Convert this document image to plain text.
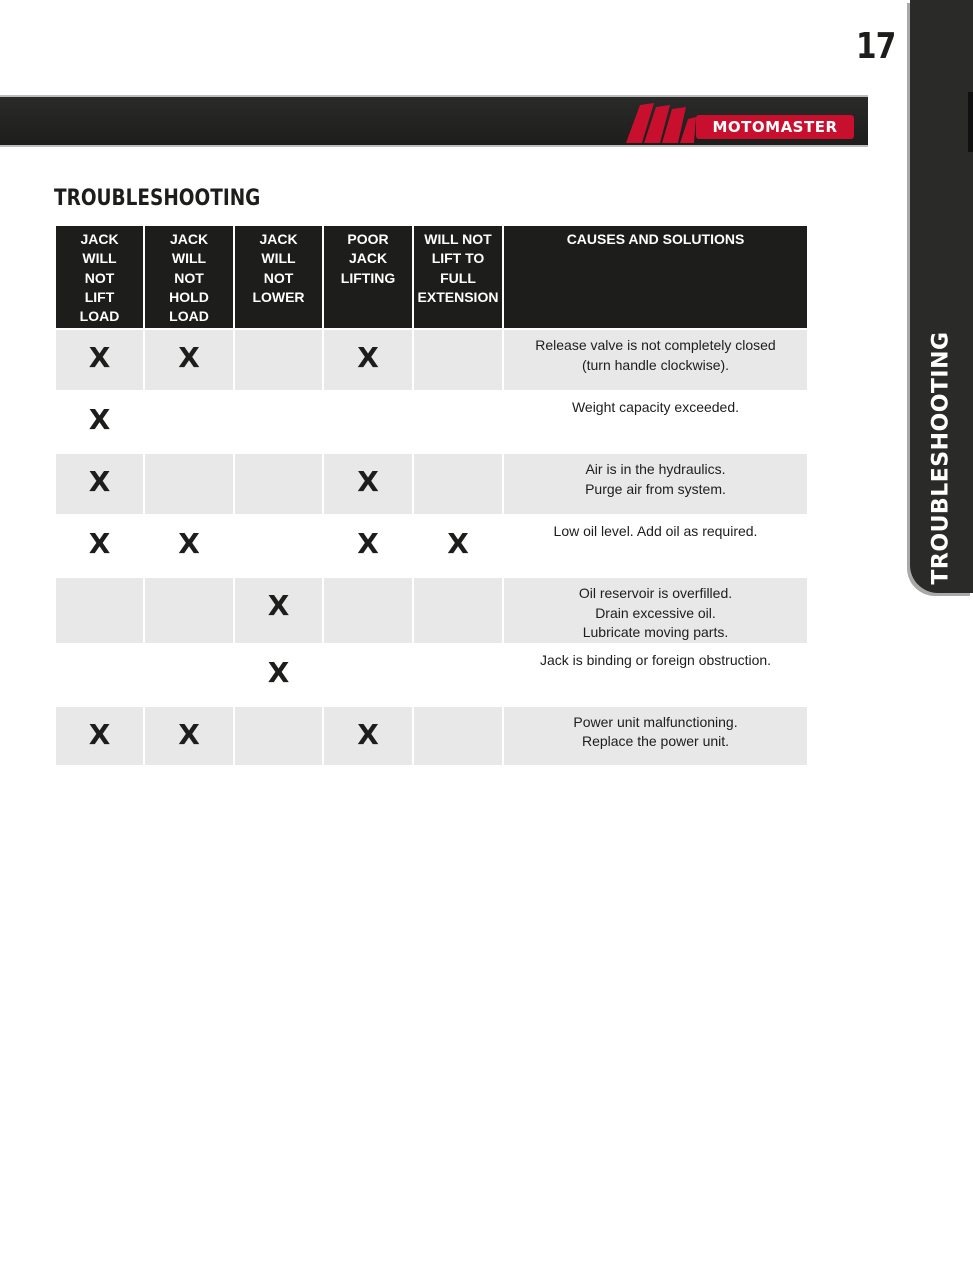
17
MOTOMASTER
TROUBLESHOOTING
TROUBLESHOOTING
JACK
WILL
NOT
LIFT
LOAD	JACK
WILL
NOT
HOLD
LOAD	JACK
WILL
NOT
LOWER	POOR
JACK
LIFTING	WILL NOT
LIFT TO
FULL
EXTENSION	CAUSES AND SOLUTIONS

X	X		X		Release valve is not completely closed
(turn handle clockwise).

X					Weight capacity exceeded.

X			X		Air is in the hydraulics.
Purge air from system.

X	X		X	X	Low oil level. Add oil as required.

		X			Oil reservoir is overfilled.
Drain excessive oil.
Lubricate moving parts.

		X			Jack is binding or foreign obstruction.

X	X		X		Power unit malfunctioning.
Replace the power unit.
